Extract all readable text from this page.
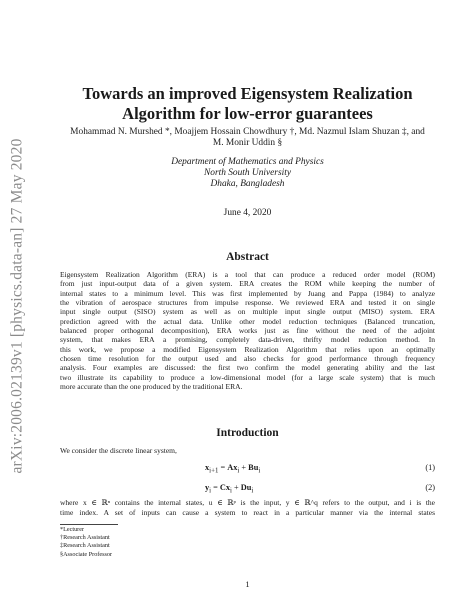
arXiv:2006.02139v1 [physics.data-an] 27 May 2020
Towards an improved Eigensystem Realization
Algorithm for low-error guarantees
Mohammad N. Murshed *, Moajjem Hossain Chowdhury †, Md. Nazmul Islam Shuzan ‡, and
M. Monir Uddin §
Department of Mathematics and Physics
North South University
Dhaka, Bangladesh
June 4, 2020
Abstract
Eigensystem Realization Algorithm (ERA) is a tool that can produce a reduced order model (ROM)
from just input-output data of a given system. ERA creates the ROM while keeping the number of
internal states to a minimum level. This was first implemented by Juang and Pappa (1984) to analyze
the vibration of aerospace structures from impulse response. We reviewed ERA and tested it on single
input single output (SISO) system as well as on multiple input single output (MISO) system. ERA
prediction agreed with the actual data. Unlike other model reduction techniques (Balanced truncation,
balanced proper orthogonal decomposition), ERA works just as fine without the need of the adjoint
system, that makes ERA a promising, completely data-driven, thrifty model reduction method. In
this work, we propose a modified Eigensystem Realization Algorithm that relies upon an optimally
chosen time resolution for the output used and also checks for good performance through frequency
analysis. Four examples are discussed: the first two confirm the model generating ability and the last
two illustrate its capability to produce a low-dimensional model (for a large scale system) that is much
more accurate than the one produced by the traditional ERA.
Introduction
We consider the discrete linear system,
$x_{i+1} = Ax_i + Bu_i$	(1)
$y_i = Cx_i + Du_i$	(2)
where x ∈ ℝⁿ contains the internal states, u ∈ ℝᵖ is the input, y ∈ ℝ^q refers to the output, and i is the
time index. A set of inputs can cause a system to react in a particular manner via the internal states
*Lecturer
†Research Assistant
‡Research Assistant
§Associate Professor
1
